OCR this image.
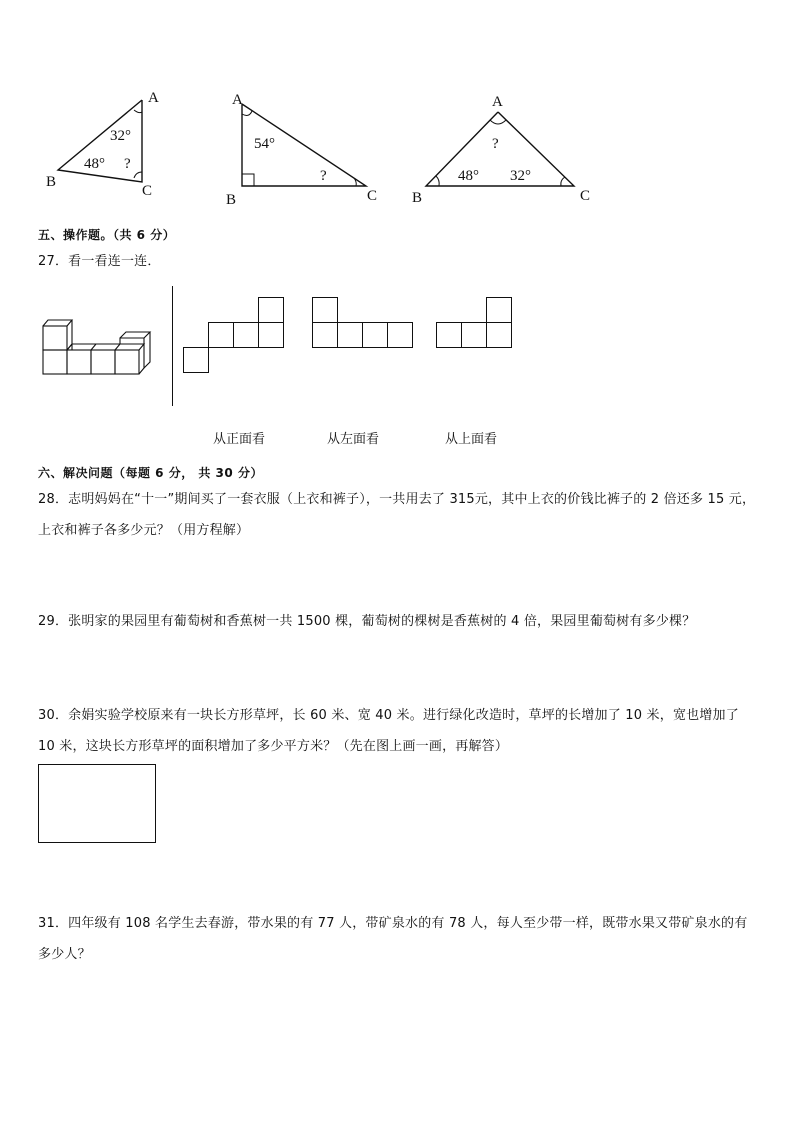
A
B
C
32°
48° ?
A
B	C
54°
?
A
B	C
?
48° 32°
五、操作题。（共 6 分）
27．看一看连一连．
从正面看	从左面看	从上面看
六、解决问题（每题 6 分， 共 30 分）
28．志明妈妈在“十一”期间买了一套衣服（上衣和裤子），一共用去了 315元，其中上衣的价钱比裤子的 2 倍还多 15 元，上衣和裤子各多少元？（用方程解）
29．张明家的果园里有葡萄树和香蕉树一共 1500 棵，葡萄树的棵树是香蕉树的 4 倍，果园里葡萄树有多少棵？
30．余娟实验学校原来有一块长方形草坪，长 60 米、宽 40 米。进行绿化改造时，草坪的长增加了 10 米，宽也增加了 10 米，这块长方形草坪的面积增加了多少平方米？（先在图上画一画，再解答）
31．四年级有 108 名学生去春游，带水果的有 77 人，带矿泉水的有 78 人，每人至少带一样，既带水果又带矿泉水的有多少人？
